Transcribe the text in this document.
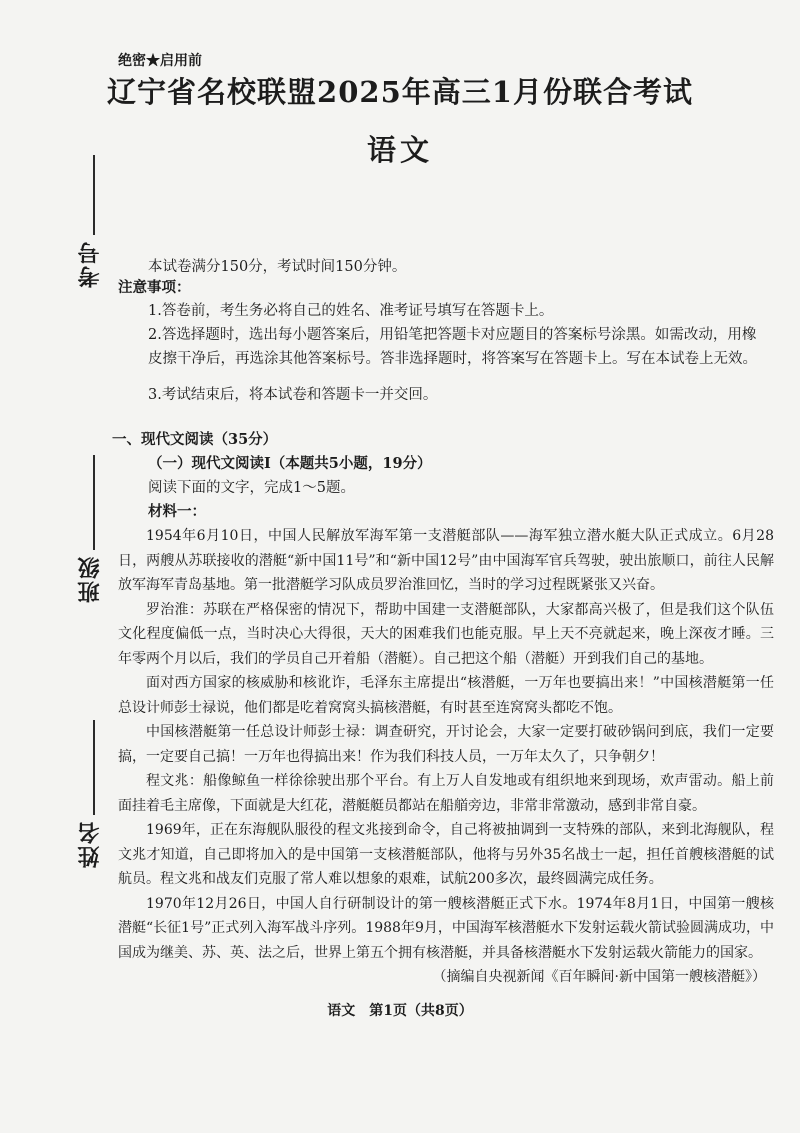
绝密★启用前
辽宁省名校联盟2025年高三1月份联合考试
语文
考号
班级
姓名
本试卷满分150分，考试时间150分钟。
注意事项：
1.答卷前，考生务必将自己的姓名、准考证号填写在答题卡上。
2.答选择题时，选出每小题答案后，用铅笔把答题卡对应题目的答案标号涂黑。如需改动，用橡皮擦干净后，再选涂其他答案标号。答非选择题时，将答案写在答题卡上。写在本试卷上无效。
3.考试结束后，将本试卷和答题卡一并交回。
一、现代文阅读（35分）
（一）现代文阅读Ⅰ（本题共5小题，19分）
阅读下面的文字，完成1～5题。
材料一：
1954年6月10日，中国人民解放军海军第一支潜艇部队——海军独立潜水艇大队正式成立。6月28日，两艘从苏联接收的潜艇“新中国11号”和“新中国12号”由中国海军官兵驾驶，驶出旅顺口，前往人民解放军海军青岛基地。第一批潜艇学习队成员罗治淮回忆，当时的学习过程既紧张又兴奋。
罗治淮：苏联在严格保密的情况下，帮助中国建一支潜艇部队，大家都高兴极了，但是我们这个队伍文化程度偏低一点，当时决心大得很，天大的困难我们也能克服。早上天不亮就起来，晚上深夜才睡。三年零两个月以后，我们的学员自己开着船（潜艇）。自己把这个船（潜艇）开到我们自己的基地。
面对西方国家的核威胁和核讹诈，毛泽东主席提出“核潜艇，一万年也要搞出来！”中国核潜艇第一任总设计师彭士禄说，他们都是吃着窝窝头搞核潜艇，有时甚至连窝窝头都吃不饱。
中国核潜艇第一任总设计师彭士禄：调查研究，开讨论会，大家一定要打破砂锅问到底，我们一定要搞，一定要自己搞！一万年也得搞出来！作为我们科技人员，一万年太久了，只争朝夕！
程文兆：船像鲸鱼一样徐徐驶出那个平台。有上万人自发地或有组织地来到现场，欢声雷动。船上前面挂着毛主席像，下面就是大红花，潜艇艇员都站在船艏旁边，非常非常激动，感到非常自豪。
1969年，正在东海舰队服役的程文兆接到命令，自己将被抽调到一支特殊的部队，来到北海舰队，程文兆才知道，自己即将加入的是中国第一支核潜艇部队，他将与另外35名战士一起，担任首艘核潜艇的试航员。程文兆和战友们克服了常人难以想象的艰难，试航200多次，最终圆满完成任务。
1970年12月26日，中国人自行研制设计的第一艘核潜艇正式下水。1974年8月1日，中国第一艘核潜艇“长征1号”正式列入海军战斗序列。1988年9月，中国海军核潜艇水下发射运载火箭试验圆满成功，中国成为继美、苏、英、法之后，世界上第五个拥有核潜艇，并具备核潜艇水下发射运载火箭能力的国家。
（摘编自央视新闻《百年瞬间·新中国第一艘核潜艇》）
语文　第1页（共8页）
